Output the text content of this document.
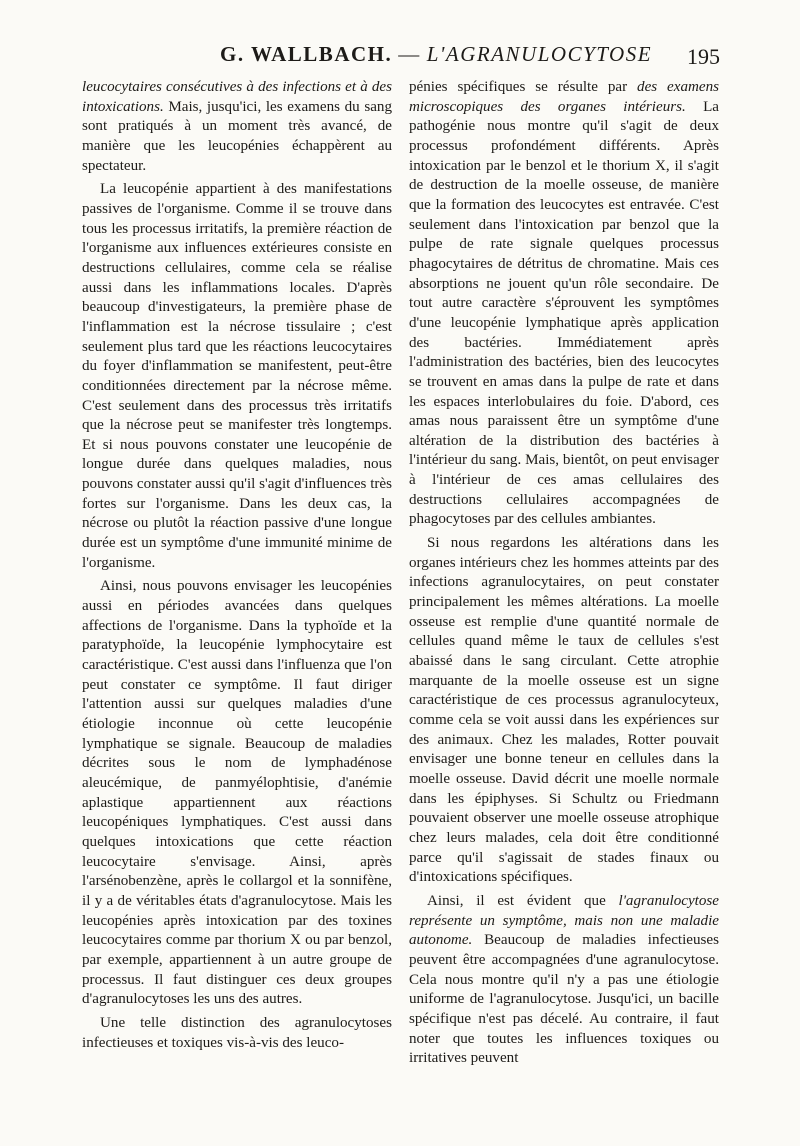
G. WALLBACH. — L'AGRANULOCYTOSE 195

leucocytaires consécutives à des infections et à des intoxications. Mais, jusqu'ici, les examens du sang sont pratiqués à un moment très avancé, de manière que les leucopénies échappèrent au spectateur.

La leucopénie appartient à des manifestations passives de l'organisme. Comme il se trouve dans tous les processus irritatifs, la première réaction de l'organisme aux influences extérieures consiste en destructions cellulaires, comme cela se réalise aussi dans les inflammations locales. D'après beaucoup d'investigateurs, la première phase de l'inflammation est la nécrose tissulaire ; c'est seulement plus tard que les réactions leucocytaires du foyer d'inflammation se manifestent, peut-être conditionnées directement par la nécrose même. C'est seulement dans des processus très irritatifs que la nécrose peut se manifester très longtemps. Et si nous pouvons constater une leucopénie de longue durée dans quelques maladies, nous pouvons constater aussi qu'il s'agit d'influences très fortes sur l'organisme. Dans les deux cas, la nécrose ou plutôt la réaction passive d'une longue durée est un symptôme d'une immunité minime de l'organisme.

Ainsi, nous pouvons envisager les leucopénies aussi en périodes avancées dans quelques affections de l'organisme. Dans la typhoïde et la paratyphoïde, la leucopénie lymphocytaire est caractéristique. C'est aussi dans l'influenza que l'on peut constater ce symptôme. Il faut diriger l'attention aussi sur quelques maladies d'une étiologie inconnue où cette leucopénie lymphatique se signale. Beaucoup de maladies décrites sous le nom de lymphadénose aleucémique, de panmyélophtisie, d'anémie aplastique appartiennent aux réactions leucopéniques lymphatiques. C'est aussi dans quelques intoxications que cette réaction leucocytaire s'envisage. Ainsi, après l'arsénobenzène, après le collargol et la sonnifène, il y a de véritables états d'agranulocytose. Mais les leucopénies après intoxication par des toxines leucocytaires comme par thorium X ou par benzol, par exemple, appartiennent à un autre groupe de processus. Il faut distinguer ces deux groupes d'agranulocytoses les uns des autres.

Une telle distinction des agranulocytoses infectieuses et toxiques vis-à-vis des leuco-

pénies spécifiques se résulte par des examens microscopiques des organes intérieurs. La pathogénie nous montre qu'il s'agit de deux processus profondément différents. Après intoxication par le benzol et le thorium X, il s'agit de destruction de la moelle osseuse, de manière que la formation des leucocytes est entravée. C'est seulement dans l'intoxication par benzol que la pulpe de rate signale quelques processus phagocytaires de détritus de chromatine. Mais ces absorptions ne jouent qu'un rôle secondaire. De tout autre caractère s'éprouvent les symptômes d'une leucopénie lymphatique après application des bactéries. Immédiatement après l'administration des bactéries, bien des leucocytes se trouvent en amas dans la pulpe de rate et dans les espaces interlobulaires du foie. D'abord, ces amas nous paraissent être un symptôme d'une altération de la distribution des bactéries à l'intérieur du sang. Mais, bientôt, on peut envisager à l'intérieur de ces amas cellulaires des destructions cellulaires accompagnées de phagocytoses par des cellules ambiantes.

Si nous regardons les altérations dans les organes intérieurs chez les hommes atteints par des infections agranulocytaires, on peut constater principalement les mêmes altérations. La moelle osseuse est remplie d'une quantité normale de cellules quand même le taux de cellules s'est abaissé dans le sang circulant. Cette atrophie marquante de la moelle osseuse est un signe caractéristique de ces processus agranulocyteux, comme cela se voit aussi dans les expériences sur des animaux. Chez les malades, Rotter pouvait envisager une bonne teneur en cellules dans la moelle osseuse. David décrit une moelle normale dans les épiphyses. Si Schultz ou Friedmann pouvaient observer une moelle osseuse atrophique chez leurs malades, cela doit être conditionné parce qu'il s'agissait de stades finaux ou d'intoxications spécifiques.

Ainsi, il est évident que l'agranulocytose représente un symptôme, mais non une maladie autonome. Beaucoup de maladies infectieuses peuvent être accompagnées d'une agranulocytose. Cela nous montre qu'il n'y a pas une étiologie uniforme de l'agranulocytose. Jusqu'ici, un bacille spécifique n'est pas décelé. Au contraire, il faut noter que toutes les influences toxiques ou irritatives peuvent
